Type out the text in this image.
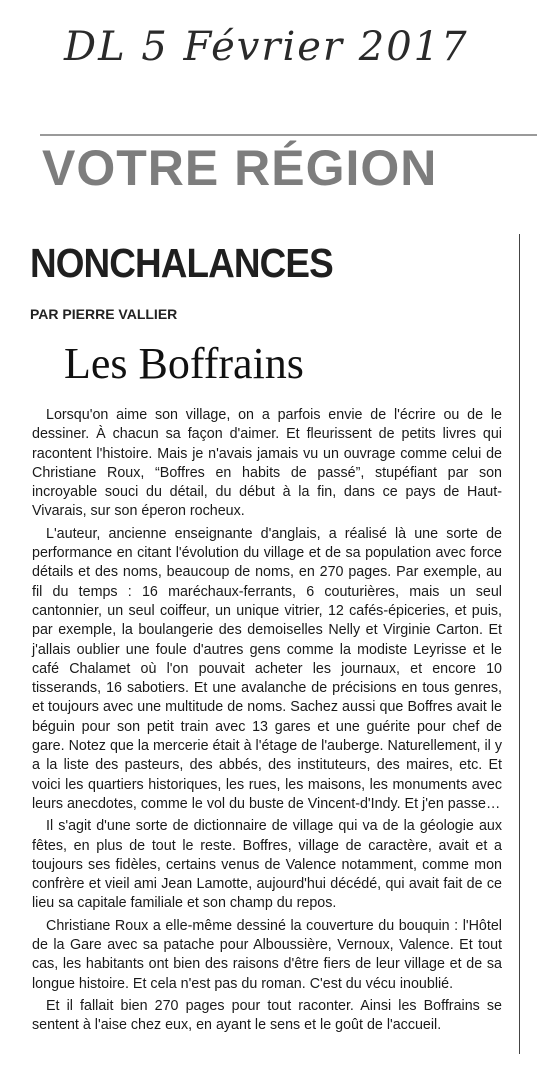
DL 5 Février 2017
VOTRE RÉGION
NONCHALANCES
PAR PIERRE VALLIER
Les Boffrains

Lorsqu'on aime son village, on a parfois envie de l'écrire ou de le dessiner. À chacun sa façon d'aimer. Et fleurissent de petits livres qui racontent l'histoire. Mais je n'avais jamais vu un ouvrage comme celui de Christiane Roux, “Boffres en habits de passé”, stupéfiant par son incroyable souci du détail, du début à la fin, dans ce pays de Haut-Vivarais, sur son éperon rocheux.

L'auteur, ancienne enseignante d'anglais, a réalisé là une sorte de performance en citant l'évolution du village et de sa population avec force détails et des noms, beaucoup de noms, en 270 pages. Par exemple, au fil du temps : 16 maréchaux-ferrants, 6 couturières, mais un seul cantonnier, un seul coiffeur, un unique vitrier, 12 cafés-épiceries, et puis, par exemple, la boulangerie des demoiselles Nelly et Virginie Carton. Et j'allais oublier une foule d'autres gens comme la modiste Leyrisse et le café Chalamet où l'on pouvait acheter les journaux, et encore 10 tisserands, 16 sabotiers. Et une avalanche de précisions en tous genres, et toujours avec une multitude de noms. Sachez aussi que Boffres avait le béguin pour son petit train avec 13 gares et une guérite pour chef de gare. Notez que la mercerie était à l'étage de l'auberge. Naturellement, il y a la liste des pasteurs, des abbés, des instituteurs, des maires, etc. Et voici les quartiers historiques, les rues, les maisons, les monuments avec leurs anecdotes, comme le vol du buste de Vincent-d'Indy. Et j'en passe…

Il s'agit d'une sorte de dictionnaire de village qui va de la géologie aux fêtes, en plus de tout le reste. Boffres, village de caractère, avait et a toujours ses fidèles, certains venus de Valence notamment, comme mon confrère et vieil ami Jean Lamotte, aujourd'hui décédé, qui avait fait de ce lieu sa capitale familiale et son champ du repos.

Christiane Roux a elle-même dessiné la couverture du bouquin : l'Hôtel de la Gare avec sa patache pour Alboussière, Vernoux, Valence. Et tout cas, les habitants ont bien des raisons d'être fiers de leur village et de sa longue histoire. Et cela n'est pas du roman. C'est du vécu inoublié.

Et il fallait bien 270 pages pour tout raconter. Ainsi les Boffrains se sentent à l'aise chez eux, en ayant le sens et le goût de l'accueil.
